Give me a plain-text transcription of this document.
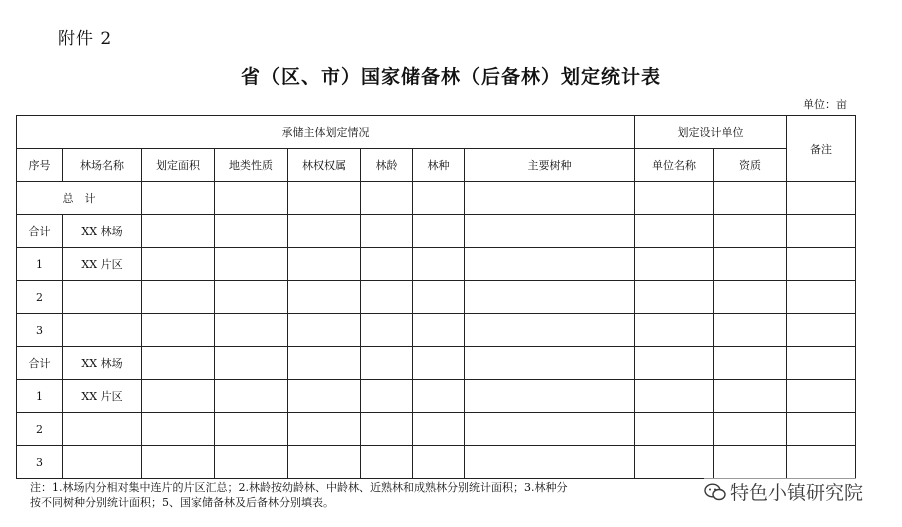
附件 2
省（区、市）国家储备林（后备林）划定统计表
单位：亩
承储主体划定情况								划定设计单位		备注
序号	林场名称	划定面积	地类性质	林权权属	林龄	林种	主要树种	单位名称	资质	
总　计										
合计	XX 林场									
1	XX 片区									
2										
3										
合计	XX 林场									
1	XX 片区									
2										
3										
注：1.林场内分相对集中连片的片区汇总；2.林龄按幼龄林、中龄林、近熟林和成熟林分别统计面积；3.林种分
按不同树种分别统计面积；5、国家储备林及后备林分别填表。	特色小镇研究院
